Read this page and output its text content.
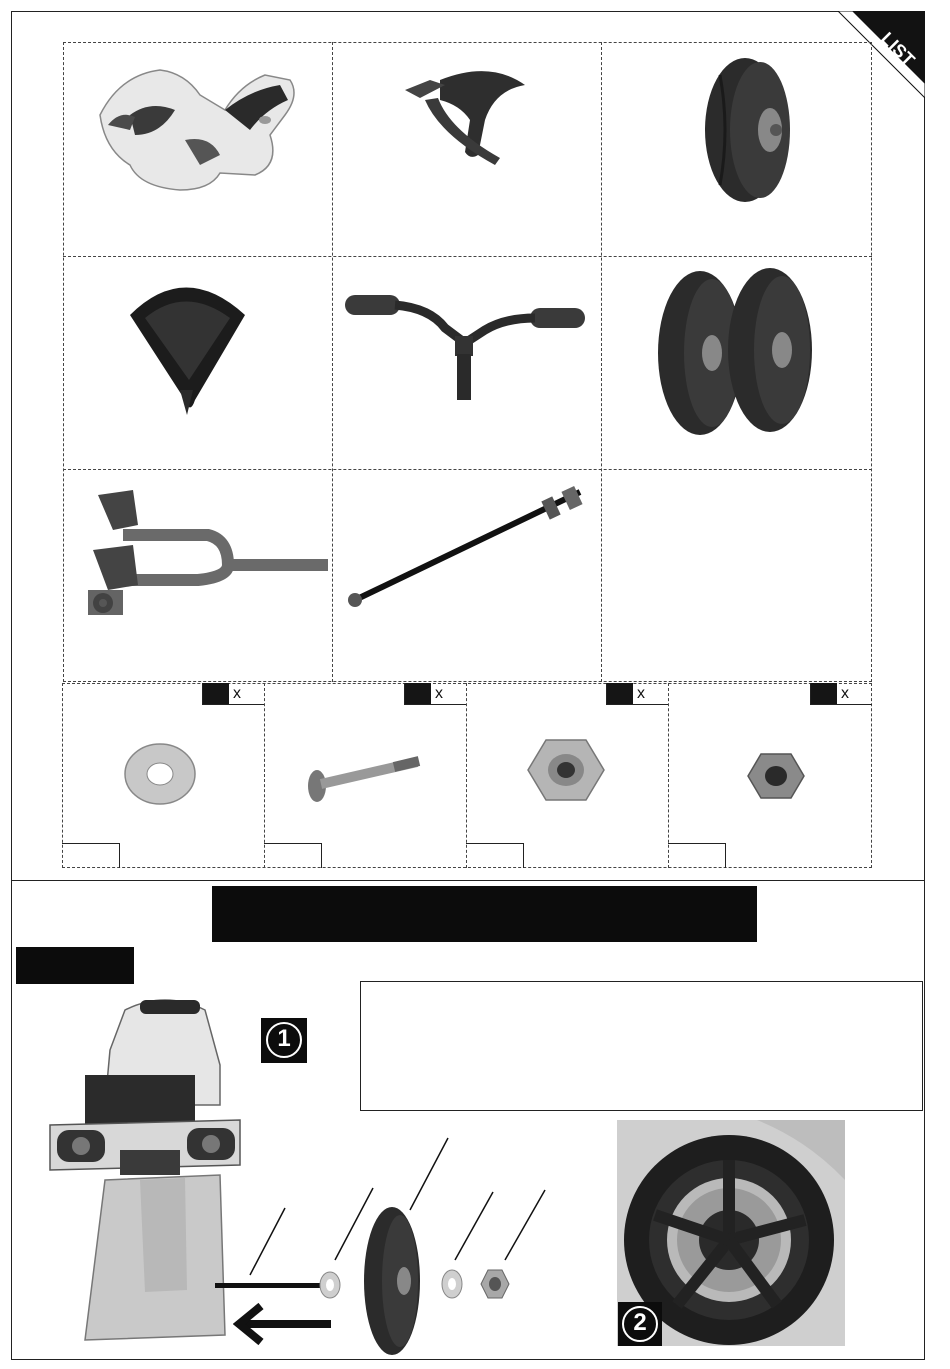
LIST
x	x	x	x
1
2
